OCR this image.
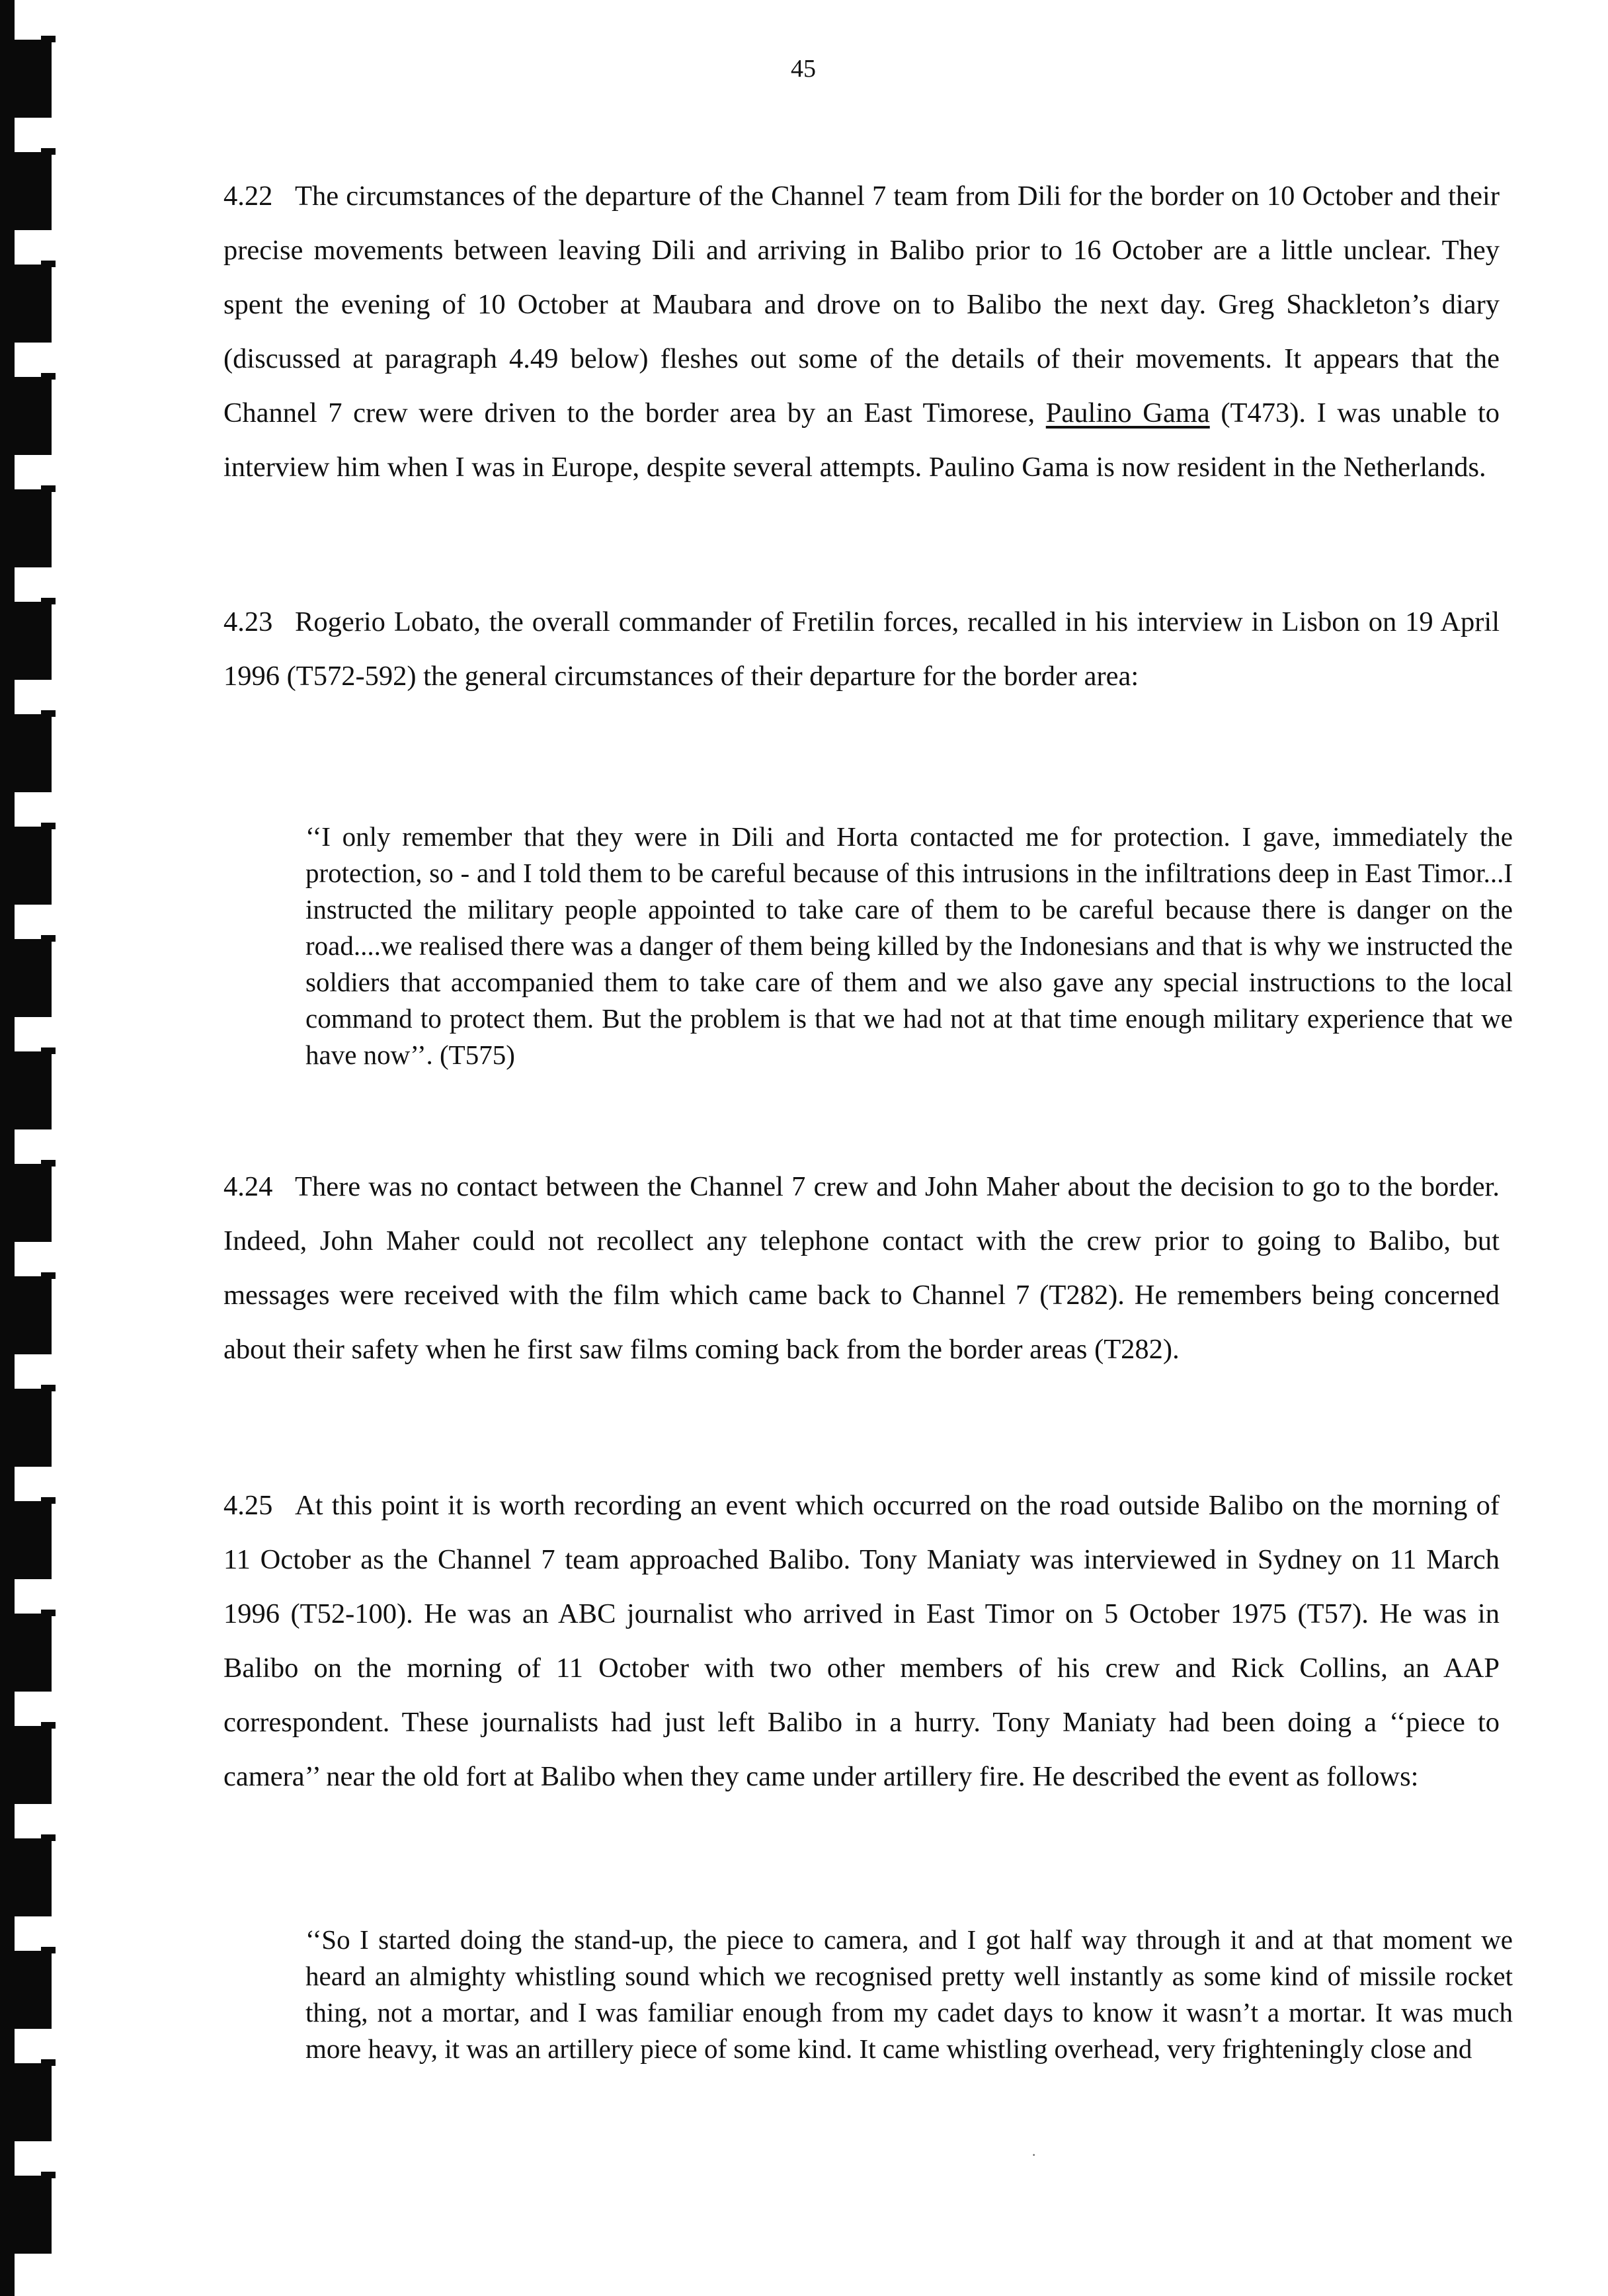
45

4.22 The circumstances of the departure of the Channel 7 team from Dili for the border on 10 October and their precise movements between leaving Dili and arriving in Balibo prior to 16 October are a little unclear. They spent the evening of 10 October at Maubara and drove on to Balibo the next day. Greg Shackleton’s diary (discussed at paragraph 4.49 below) fleshes out some of the details of their movements. It appears that the Channel 7 crew were driven to the border area by an East Timorese, Paulino Gama (T473). I was unable to interview him when I was in Europe, despite several attempts. Paulino Gama is now resident in the Netherlands.

4.23 Rogerio Lobato, the overall commander of Fretilin forces, recalled in his interview in Lisbon on 19 April 1996 (T572-592) the general circumstances of their departure for the border area:

‘‘I only remember that they were in Dili and Horta contacted me for protection. I gave, immediately the protection, so - and I told them to be careful because of this intrusions in the infiltrations deep in East Timor...I instructed the military people appointed to take care of them to be careful because there is danger on the road....we realised there was a danger of them being killed by the Indonesians and that is why we instructed the soldiers that accompanied them to take care of them and we also gave any special instructions to the local command to protect them. But the problem is that we had not at that time enough military experience that we have now’’. (T575)

4.24 There was no contact between the Channel 7 crew and John Maher about the decision to go to the border. Indeed, John Maher could not recollect any telephone contact with the crew prior to going to Balibo, but messages were received with the film which came back to Channel 7 (T282). He remembers being concerned about their safety when he first saw films coming back from the border areas (T282).

4.25 At this point it is worth recording an event which occurred on the road outside Balibo on the morning of 11 October as the Channel 7 team approached Balibo. Tony Maniaty was interviewed in Sydney on 11 March 1996 (T52-100). He was an ABC journalist who arrived in East Timor on 5 October 1975 (T57). He was in Balibo on the morning of 11 October with two other members of his crew and Rick Collins, an AAP correspondent. These journalists had just left Balibo in a hurry. Tony Maniaty had been doing a ‘‘piece to camera’’ near the old fort at Balibo when they came under artillery fire. He described the event as follows:

‘‘So I started doing the stand-up, the piece to camera, and I got half way through it and at that moment we heard an almighty whistling sound which we recognised pretty well instantly as some kind of missile rocket thing, not a mortar, and I was familiar enough from my cadet days to know it wasn’t a mortar. It was much more heavy, it was an artillery piece of some kind. It came whistling overhead, very frighteningly close and

·
